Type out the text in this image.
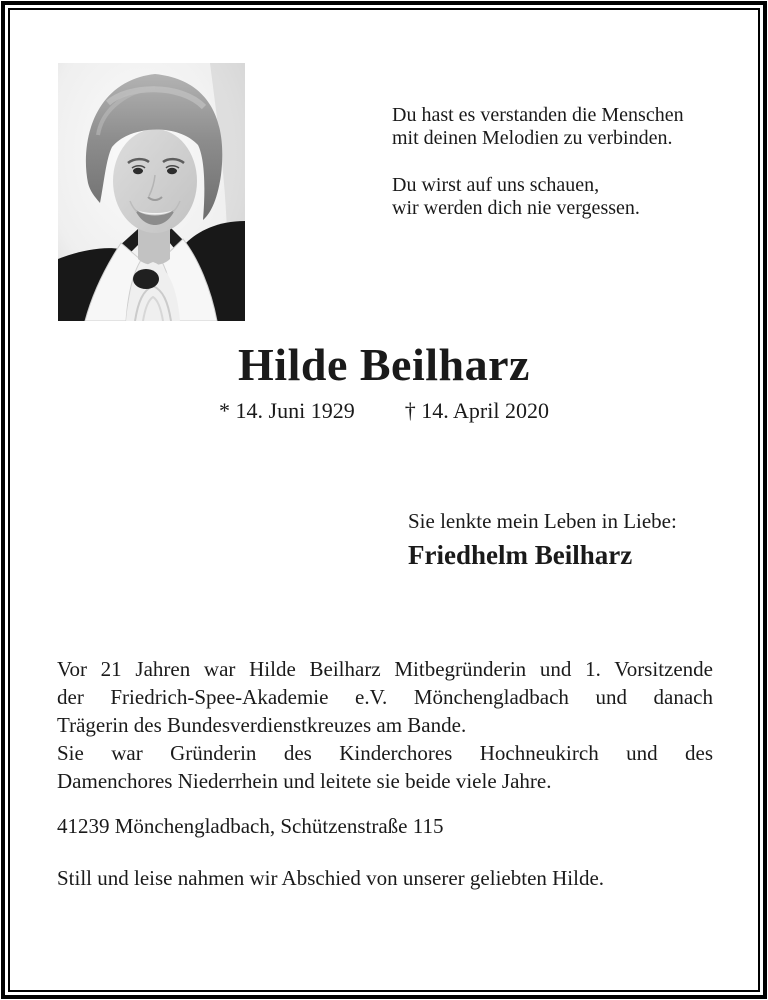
Du hast es verstanden die Menschen
mit deinen Melodien zu verbinden.
Du wirst auf uns schauen,
wir werden dich nie vergessen.
Hilde Beilharz
* 14. Juni 1929 † 14. April 2020
Sie lenkte mein Leben in Liebe:
Friedhelm Beilharz
Vor 21 Jahren war Hilde Beilharz Mitbegründerin und 1. Vorsitzende
der Friedrich-Spee-Akademie e.V. Mönchengladbach und danach
Trägerin des Bundesverdienstkreuzes am Bande.
Sie war Gründerin des Kinderchores Hochneukirch und des
Damenchores Niederrhein und leitete sie beide viele Jahre.
41239 Mönchengladbach, Schützenstraße 115
Still und leise nahmen wir Abschied von unserer geliebten Hilde.
